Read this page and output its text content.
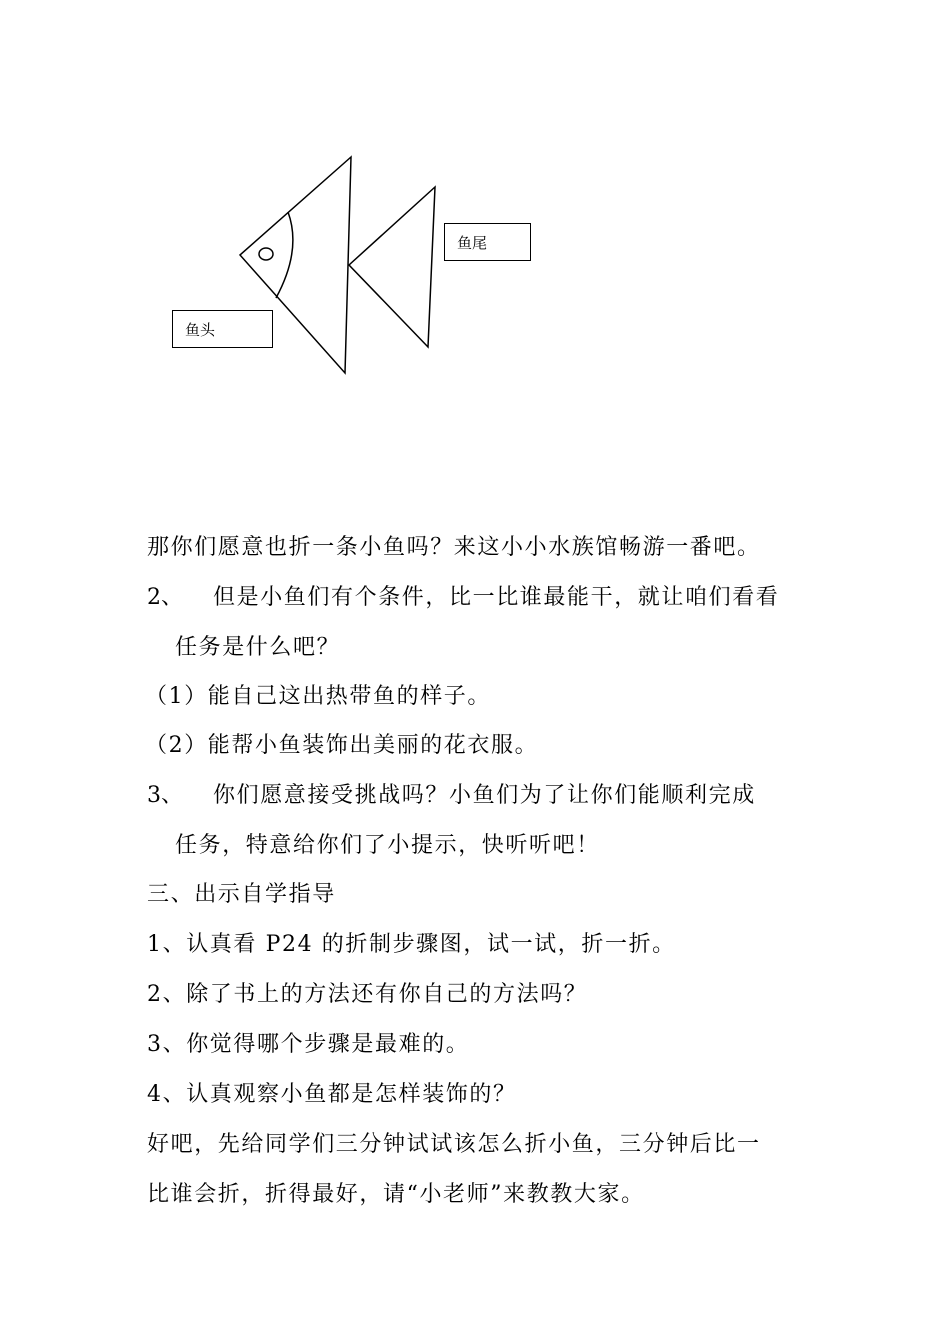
鱼尾
鱼头
那你们愿意也折一条小鱼吗？来这小小水族馆畅游一番吧。
2、 但是小鱼们有个条件，比一比谁最能干，就让咱们看看
任务是什么吧？
（1）能自己这出热带鱼的样子。
（2）能帮小鱼装饰出美丽的花衣服。
3、 你们愿意接受挑战吗？小鱼们为了让你们能顺利完成
任务，特意给你们了小提示，快听听吧！
三、出示自学指导
1、认真看 P24 的折制步骤图，试一试，折一折。
2、除了书上的方法还有你自己的方法吗？
3、你觉得哪个步骤是最难的。
4、认真观察小鱼都是怎样装饰的？
好吧，先给同学们三分钟试试该怎么折小鱼，三分钟后比一
比谁会折，折得最好，请“小老师”来教教大家。
